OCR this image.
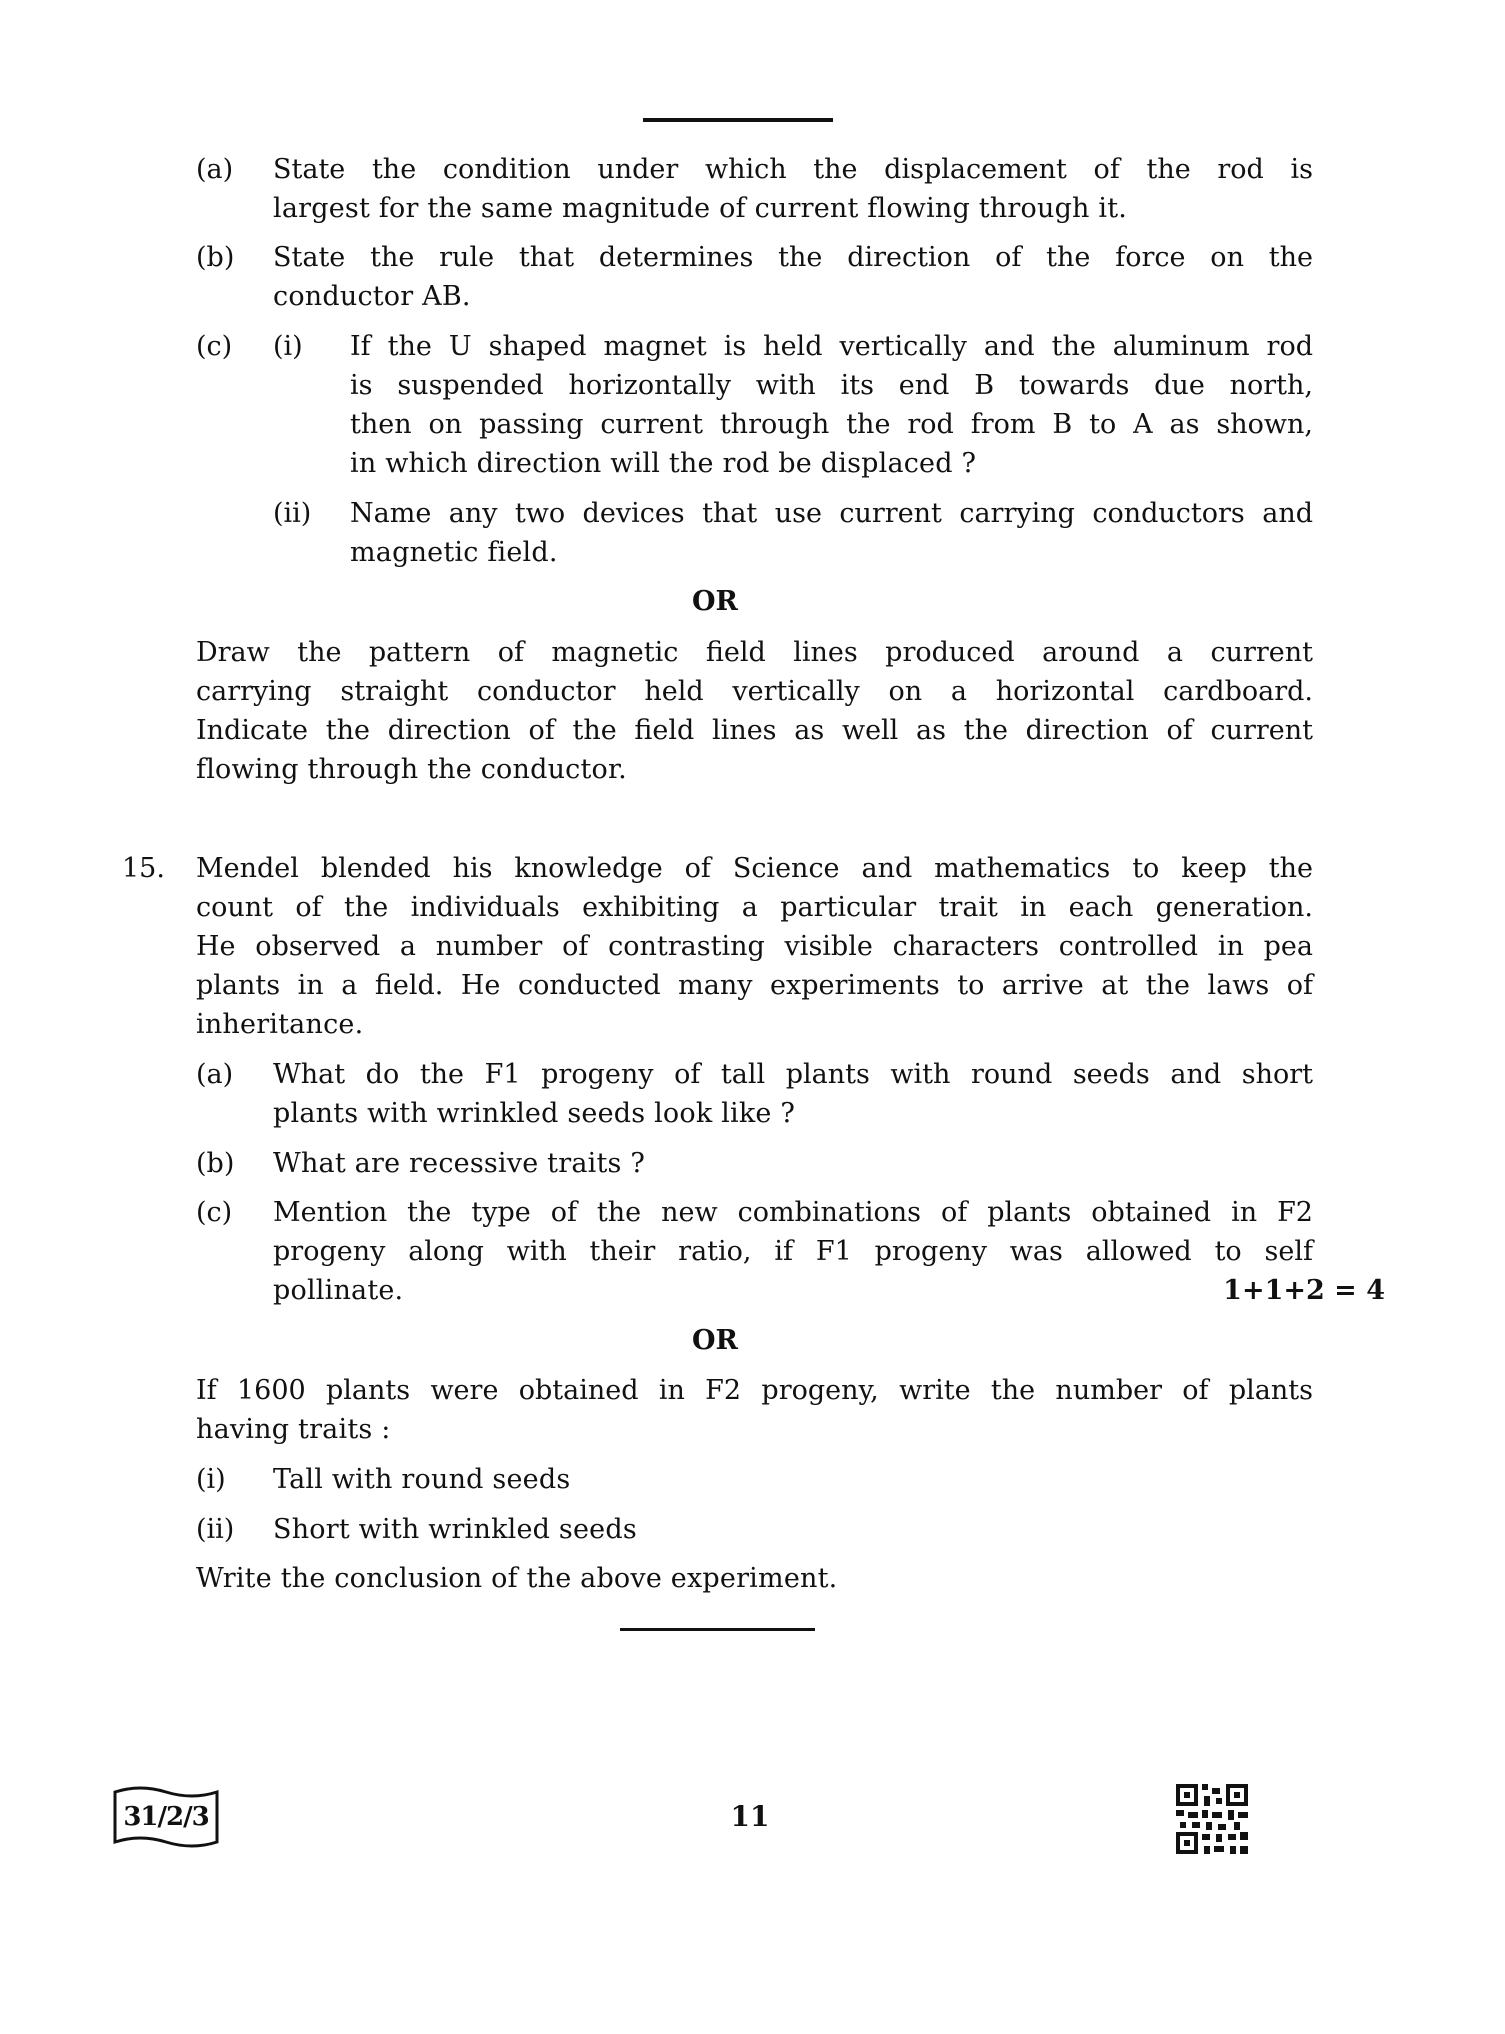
(a) State the condition under which the displacement of the rod is
largest for the same magnitude of current flowing through it.
(b) State the rule that determines the direction of the force on the
conductor AB.
(c) (i) If the U shaped magnet is held vertically and the aluminum rod
is suspended horizontally with its end B towards due north,
then on passing current through the rod from B to A as shown,
in which direction will the rod be displaced ?
(ii) Name any two devices that use current carrying conductors and
magnetic field.
OR
Draw the pattern of magnetic field lines produced around a current
carrying straight conductor held vertically on a horizontal cardboard.
Indicate the direction of the field lines as well as the direction of current
flowing through the conductor.
15. Mendel blended his knowledge of Science and mathematics to keep the
count of the individuals exhibiting a particular trait in each generation.
He observed a number of contrasting visible characters controlled in pea
plants in a field. He conducted many experiments to arrive at the laws of
inheritance.
(a) What do the F1 progeny of tall plants with round seeds and short
plants with wrinkled seeds look like ?
(b) What are recessive traits ?
(c) Mention the type of the new combinations of plants obtained in F2
progeny along with their ratio, if F1 progeny was allowed to self
pollinate.	1+1+2 = 4
OR
If 1600 plants were obtained in F2 progeny, write the number of plants
having traits :
(i) Tall with round seeds
(ii) Short with wrinkled seeds
Write the conclusion of the above experiment.
31/2/3	11
